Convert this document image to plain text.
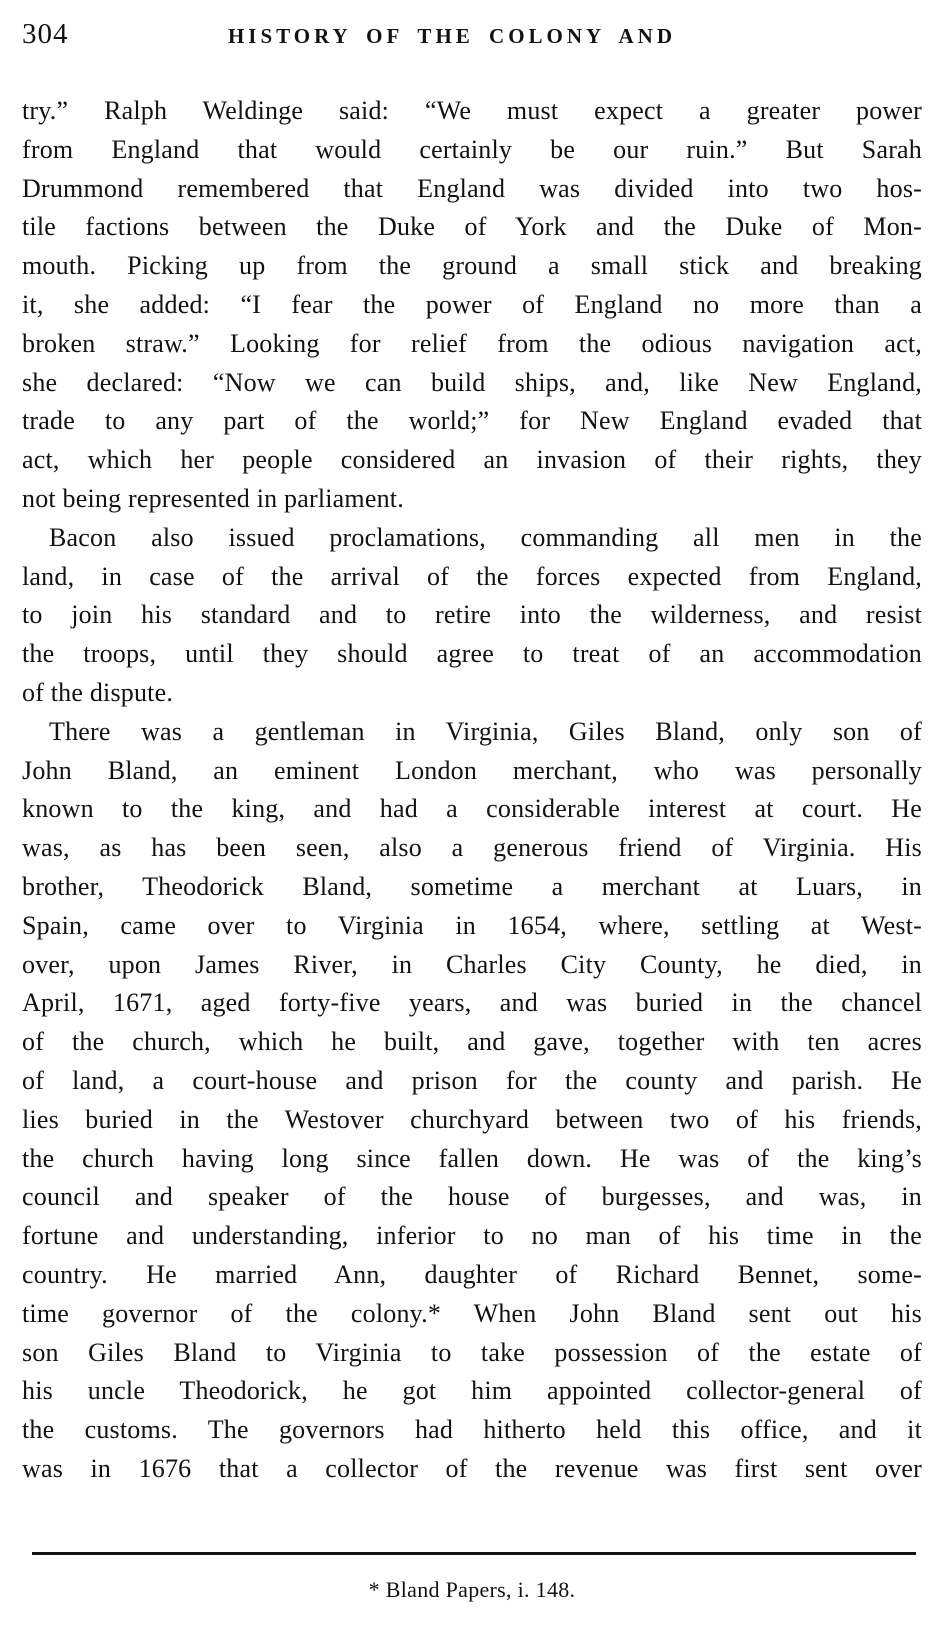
304	HISTORY OF THE COLONY AND
try.” Ralph Weldinge said: “We must expect a greater power
from England that would certainly be our ruin.” But Sarah
Drummond remembered that England was divided into two hos-
tile factions between the Duke of York and the Duke of Mon-
mouth. Picking up from the ground a small stick and breaking
it, she added: “I fear the power of England no more than a
broken straw.” Looking for relief from the odious navigation act,
she declared: “Now we can build ships, and, like New England,
trade to any part of the world;” for New England evaded that
act, which her people considered an invasion of their rights, they
not being represented in parliament.
Bacon also issued proclamations, commanding all men in the
land, in case of the arrival of the forces expected from England,
to join his standard and to retire into the wilderness, and resist
the troops, until they should agree to treat of an accommodation
of the dispute.
There was a gentleman in Virginia, Giles Bland, only son of
John Bland, an eminent London merchant, who was personally
known to the king, and had a considerable interest at court. He
was, as has been seen, also a generous friend of Virginia. His
brother, Theodorick Bland, sometime a merchant at Luars, in
Spain, came over to Virginia in 1654, where, settling at West-
over, upon James River, in Charles City County, he died, in
April, 1671, aged forty-five years, and was buried in the chancel
of the church, which he built, and gave, together with ten acres
of land, a court-house and prison for the county and parish. He
lies buried in the Westover churchyard between two of his friends,
the church having long since fallen down. He was of the king’s
council and speaker of the house of burgesses, and was, in
fortune and understanding, inferior to no man of his time in the
country. He married Ann, daughter of Richard Bennet, some-
time governor of the colony.* When John Bland sent out his
son Giles Bland to Virginia to take possession of the estate of
his uncle Theodorick, he got him appointed collector-general of
the customs. The governors had hitherto held this office, and it
was in 1676 that a collector of the revenue was first sent over
* Bland Papers, i. 148.
